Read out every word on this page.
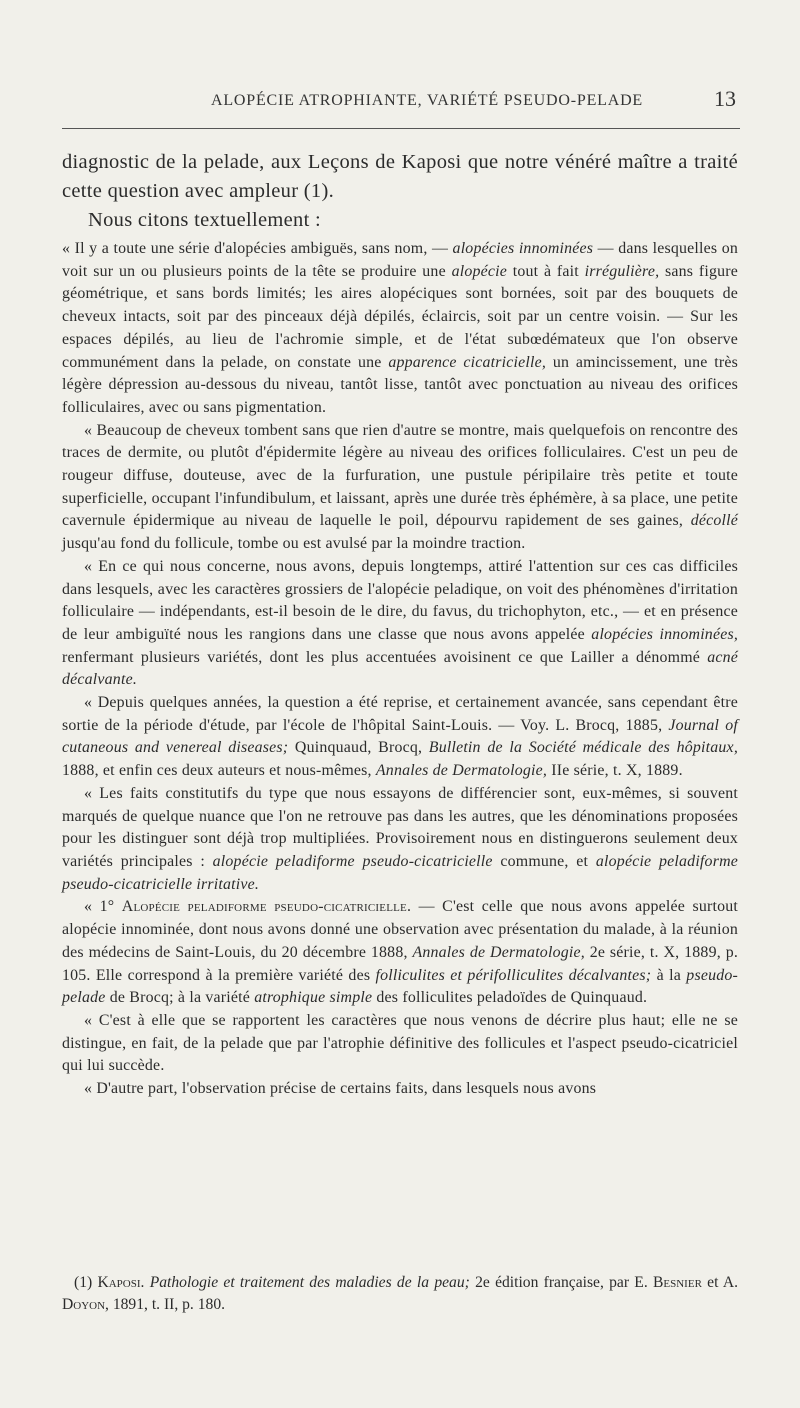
ALOPÉCIE ATROPHIANTE, VARIÉTÉ PSEUDO-PELADE	13

diagnostic de la pelade, aux Leçons de Kaposi que notre vénéré maître a traité cette question avec ampleur (1).

Nous citons textuellement :

« Il y a toute une série d'alopécies ambiguës, sans nom, — alopécies innominées — dans lesquelles on voit sur un ou plusieurs points de la tête se produire une alopécie tout à fait irrégulière, sans figure géométrique, et sans bords limités; les aires alopéciques sont bornées, soit par des bouquets de cheveux intacts, soit par des pinceaux déjà dépilés, éclaircis, soit par un centre voisin. — Sur les espaces dépilés, au lieu de l'achromie simple, et de l'état subœdémateux que l'on observe communément dans la pelade, on constate une apparence cicatricielle, un amincissement, une très légère dépression au-dessous du niveau, tantôt lisse, tantôt avec ponctuation au niveau des orifices folliculaires, avec ou sans pigmentation.

« Beaucoup de cheveux tombent sans que rien d'autre se montre, mais quelquefois on rencontre des traces de dermite, ou plutôt d'épidermite légère au niveau des orifices folliculaires. C'est un peu de rougeur diffuse, douteuse, avec de la furfuration, une pustule péripilaire très petite et toute superficielle, occupant l'infundibulum, et laissant, après une durée très éphémère, à sa place, une petite cavernule épidermique au niveau de laquelle le poil, dépourvu rapidement de ses gaines, décollé jusqu'au fond du follicule, tombe ou est avulsé par la moindre traction.

« En ce qui nous concerne, nous avons, depuis longtemps, attiré l'attention sur ces cas difficiles dans lesquels, avec les caractères grossiers de l'alopécie peladique, on voit des phénomènes d'irritation folliculaire — indépendants, est-il besoin de le dire, du favus, du trichophyton, etc., — et en présence de leur ambiguïté nous les rangions dans une classe que nous avons appelée alopécies innominées, renfermant plusieurs variétés, dont les plus accentuées avoisinent ce que Lailler a dénommé acné décalvante.

« Depuis quelques années, la question a été reprise, et certainement avancée, sans cependant être sortie de la période d'étude, par l'école de l'hôpital Saint-Louis. — Voy. L. Brocq, 1885, Journal of cutaneous and venereal diseases; Quinquaud, Brocq, Bulletin de la Société médicale des hôpitaux, 1888, et enfin ces deux auteurs et nous-mêmes, Annales de Dermatologie, IIe série, t. X, 1889.

« Les faits constitutifs du type que nous essayons de différencier sont, eux-mêmes, si souvent marqués de quelque nuance que l'on ne retrouve pas dans les autres, que les dénominations proposées pour les distinguer sont déjà trop multipliées. Provisoirement nous en distinguerons seulement deux variétés principales : alopécie peladiforme pseudo-cicatricielle commune, et alopécie peladiforme pseudo-cicatricielle irritative.

« 1° Alopécie peladiforme pseudo-cicatricielle. — C'est celle que nous avons appelée surtout alopécie innominée, dont nous avons donné une observation avec présentation du malade, à la réunion des médecins de Saint-Louis, du 20 décembre 1888, Annales de Dermatologie, 2e série, t. X, 1889, p. 105. Elle correspond à la première variété des folliculites et périfolliculites décalvantes; à la pseudo-pelade de Brocq; à la variété atrophique simple des folliculites peladoïdes de Quinquaud.

« C'est à elle que se rapportent les caractères que nous venons de décrire plus haut; elle ne se distingue, en fait, de la pelade que par l'atrophie définitive des follicules et l'aspect pseudo-cicatriciel qui lui succède.

« D'autre part, l'observation précise de certains faits, dans lesquels nous avons

(1) Kaposi. Pathologie et traitement des maladies de la peau; 2e édition française, par E. Besnier et A. Doyon, 1891, t. II, p. 180.
